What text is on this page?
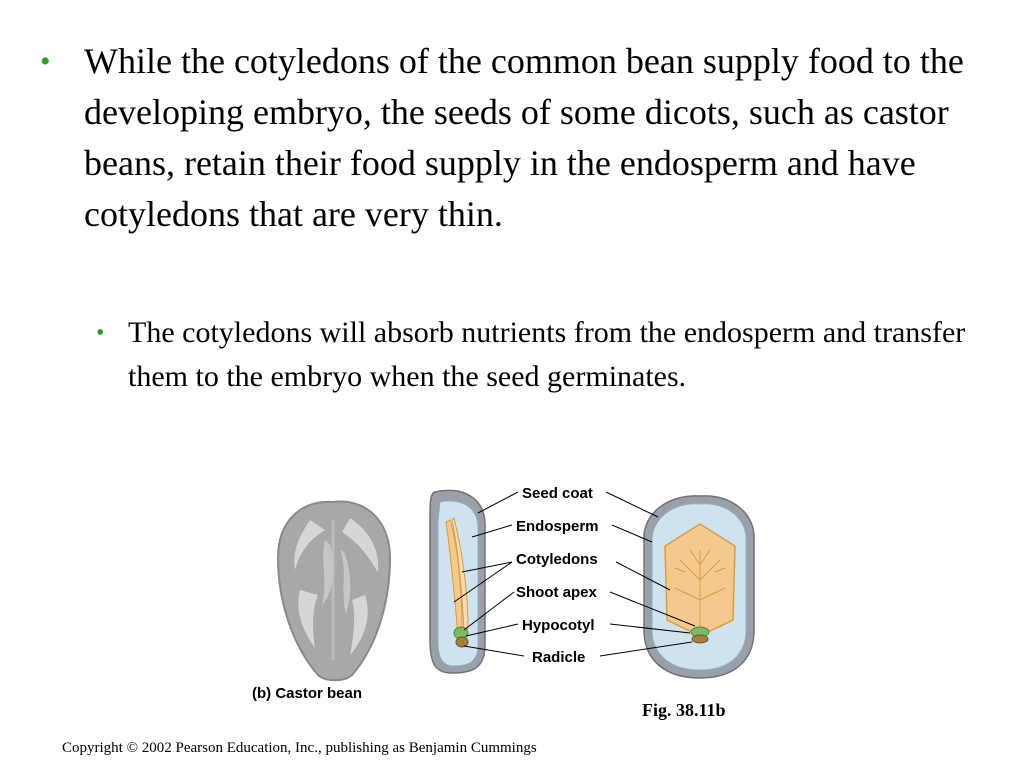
• While the cotyledons of the common bean supply food to the developing embryo, the seeds of some dicots, such as castor beans, retain their food supply in the endosperm and have cotyledons that are very thin.
• The cotyledons will absorb nutrients from the endosperm and transfer them to the embryo when the seed germinates.
Seed coat
Endosperm
Cotyledons
Shoot apex
Hypocotyl
Radicle
(b) Castor bean
Fig. 38.11b
Copyright © 2002 Pearson Education, Inc., publishing as Benjamin Cummings
